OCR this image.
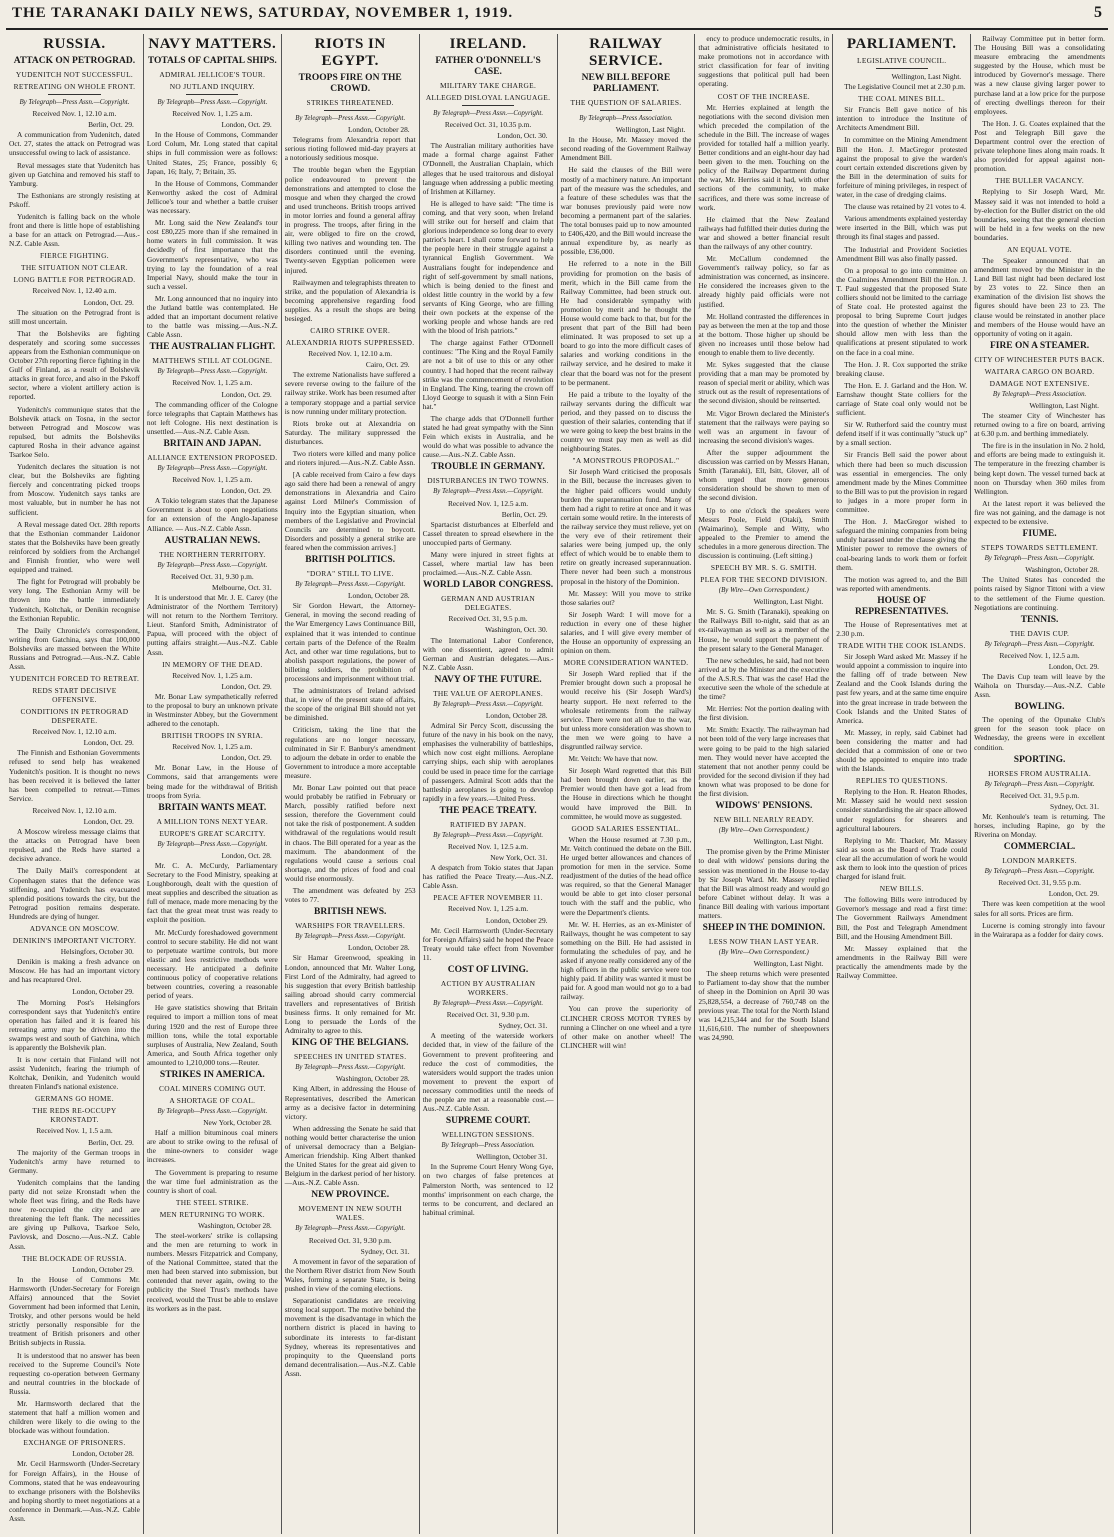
THE TARANAKI DAILY NEWS, SATURDAY, NOVEMBER 1, 1919.	5
RUSSIA.
ATTACK ON PETROGRAD.
YUDENITCH NOT SUCCESSFUL.
RETREATING ON WHOLE FRONT.
By Telegraph—Press Assn.—Copyright.
Received Nov. 1, 12.10 a.m.
Berlin, Oct. 29.
A communication from Yudenitch, dated Oct. 27, states the attack on Petrograd was unsuccessful owing to lack of assistance.
Reval messages state that Yudenitch has given up Gatchina and removed his staff to Yamburg.
The Esthonians are strongly resisting at Pskoff.
Yudenitch is falling back on the whole front and there is little hope of establishing a base for an attack on Petrograd.—Aus.-N.Z. Cable Assn.
FIERCE FIGHTING.
THE SITUATION NOT CLEAR.
LONG BATTLE FOR PETROGRAD.
Received Nov. 1, 12.40 a.m.
London, Oct. 29.
The situation on the Petrograd front is still most uncertain.
That the Bolsheviks are fighting desperately and scoring some successes appears from the Esthonian communique on October 27th reporting fierce fighting in the Gulf of Finland, as a result of Bolshevik attacks in great force, and also in the Pskoff sector, where a violent artillery action is reported.
Yudenitch's communique states that the Bolshevik attack on Tosna, in the sector between Petrograd and Moscow was repulsed, but admits the Bolsheviks captured Rosha in their advance against Tsarkoe Selo.
Yudenitch declares the situation is not clear, but the Bolsheviks are fighting fiercely and concentrating picked troops from Moscow. Yudenitch says tanks are most valuable, but in number he has not sufficient.
A Reval message dated Oct. 28th reports that the Esthonian commander Laidonor states that the Bolsheviks have been greatly reinforced by soldiers from the Archangel and Finnish frontier, who were well equipped and trained.
The fight for Petrograd will probably be very long. The Esthonian Army will be thrown into the battle immediately Yudenitch, Koltchak, or Denikin recognise the Esthonian Republic.
The Daily Chronicle's correspondent, writing from Gatchina, says that 100,000 Bolsheviks are massed between the White Russians and Petrograd.—Aus.-N.Z. Cable Assn.
YUDENITCH FORCED TO RETREAT.
REDS START DECISIVE OFFENSIVE.
CONDITIONS IN PETROGRAD DESPERATE.
Received Nov. 1, 12.10 a.m.
London, Oct. 29.
The Finnish and Esthonian Governments refused to send help has weakened Yudenitch's position. It is thought no news has been received it is believed the latter has been compelled to retreat.—Times Service.
Received Nov. 1, 12.10 a.m.
London, Oct. 29.
A Moscow wireless message claims that the attacks on Petrograd have been repulsed, and the Reds have started a decisive advance.
The Daily Mail's correspondent at Copenhagen states that the defence was stiffening, and Yudenitch has evacuated splendid positions towards the city, but the Petrograd position remains desperate. Hundreds are dying of hunger.
ADVANCE ON MOSCOW.
DENIKIN'S IMPORTANT VICTORY.
Helsingfors, October 30.
Denikin is making a fresh advance on Moscow. He has had an important victory and has recaptured Orel.
London, October 29.
The Morning Post's Helsingfors correspondent says that Yudenitch's entire operation has failed and it is feared his retreating army may be driven into the swamps west and south of Gatchina, which is apparently the Bolshevik plan.
It is now certain that Finland will not assist Yudenitch, fearing the triumph of Koltchak, Denikin, and Yudenitch would threaten Finland's national existence.
GERMANS GO HOME.
THE REDS RE-OCCUPY KRONSTADT.
Received Nov. 1, 1.5 a.m.
Berlin, Oct. 29.
The majority of the German troops in Yudenitch's army have returned to Germany.
Yudenitch complains that the landing party did not seize Kronstadt when the whole fleet was firing, and the Reds have now re-occupied the city and are threatening the left flank. The necessities are giving up Pulkova, Tsarkoe Selo, Pavlovsk, and Doscno.—Aus.-N.Z. Cable Assn.
THE BLOCKADE OF RUSSIA.
London, October 29.
In the House of Commons Mr. Harmsworth (Under-Secretary for Foreign Affairs) announced that the Soviet Government had been informed that Lenin, Trotsky, and other persons would be held strictly personally responsible for the treatment of British prisoners and other British subjects in Russia.
It is understood that no answer has been received to the Supreme Council's Note requesting co-operation between Germany and neutral countries in the blockade of Russia.
Mr. Harmsworth declared that the statement that half a million women and children were likely to die owing to the blockade was without foundation.
EXCHANGE OF PRISONERS.
London, October 28.
Mr. Cecil Harmsworth (Under-Secretary for Foreign Affairs), in the House of Commons, stated that he was endeavouring to exchange prisoners with the Bolsheviks and hoping shortly to meet negotiations at a conference in Denmark.—Aus.-N.Z. Cable Assn.
NAVY MATTERS.
TOTALS OF CAPITAL SHIPS.
ADMIRAL JELLICOE'S TOUR.
NO JUTLAND INQUIRY.
By Telegraph—Press Assn.—Copyright.
Received Nov. 1, 1.25 a.m.
London, Oct. 29.
In the House of Commons, Commander Lord Colum, Mr. Long stated that capital ships in full commission were as follows: United States, 25; France, possibly 6; Japan, 16; Italy, 7; Britain, 35.
In the House of Commons, Commander Kenworthy asked the cost of Admiral Jellicoe's tour and whether a battle cruiser was necessary.
Mr. Long said the New Zealand's tour cost £80,225 more than if she remained in home waters in full commission. It was decidedly of first importance that the Government's representative, who was trying to lay the foundation of a real Imperial Navy, should make the tour in such a vessel.
Mr. Long announced that no inquiry into the Jutland battle was contemplated. He added that an important document relative to the battle was missing.—Aus.-N.Z. Cable Assn.
THE AUSTRALIAN FLIGHT.
MATTHEWS STILL AT COLOGNE.
By Telegraph—Press Assn.—Copyright.
Received Nov. 1, 1.25 a.m.
London, Oct. 29.
The commanding officer of the Cologne force telegraphs that Captain Matthews has not left Cologne. His next destination is unsettled.—Aus.-N.Z. Cable Assn.
BRITAIN AND JAPAN.
ALLIANCE EXTENSION PROPOSED.
By Telegraph—Press Assn.—Copyright.
Received Nov. 1, 1.25 a.m.
London, Oct. 29.
A Tokio telegram states that the Japanese Government is about to open negotiations for an extension of the Anglo-Japanese Alliance. — Aus.-N.Z. Cable Assn.
AUSTRALIAN NEWS.
THE NORTHERN TERRITORY.
By Telegraph—Press Assn.—Copyright.
Received Oct. 31, 9.30 p.m.
Melbourne, Oct. 31.
It is understood that Mr. J. E. Carey (the Administrator of the Northern Territory) will not return to the Northern Territory. Lieut. Stanford Smith, Administrator of Papua, will proceed with the object of putting affairs straight.—Aus.-N.Z. Cable Assn.
IN MEMORY OF THE DEAD.
Received Nov. 1, 1.25 a.m.
London, Oct. 29.
Mr. Bonar Law sympathetically referred to the proposal to bury an unknown private in Westminster Abbey, but the Government adhered to the cenotaph.
BRITISH TROOPS IN SYRIA.
Received Nov. 1, 1.25 a.m.
London, Oct. 29.
Mr. Bonar Law, in the House of Commons, said that arrangements were being made for the withdrawal of British troops from Syria.
BRITAIN WANTS MEAT.
A MILLION TONS NEXT YEAR.
EUROPE'S GREAT SCARCITY.
By Telegraph—Press Assn.—Copyright.
London, Oct. 28.
Mr. C. A. McCurdy, Parliamentary Secretary to the Food Ministry, speaking at Loughborough, dealt with the question of meat supplies and described the situation as full of menace, made more menacing by the fact that the great meat trust was ready to exploit the position.
Mr. McCurdy foreshadowed government control to secure stability. He did not want to perpetuate wartime controls, but more elastic and less restrictive methods were necessary. He anticipated a definite continuous policy of cooperative relations between countries, covering a reasonable period of years.
He gave statistics showing that Britain required to import a million tons of meat during 1920 and the rest of Europe three million tons, while the total exportable surpluses of Australia, New Zealand, South America, and South Africa together only amounted to 1,210,000 tons.—Reuter.
STRIKES IN AMERICA.
COAL MINERS COMING OUT.
A SHORTAGE OF COAL.
By Telegraph—Press Assn.—Copyright.
New York, October 28.
Half a million bituminous coal miners are about to strike owing to the refusal of the mine-owners to consider wage increases.
The Government is preparing to resume the war time fuel administration as the country is short of coal.
THE STEEL STRIKE.
MEN RETURNING TO WORK.
Washington, October 28.
The steel-workers' strike is collapsing and the men are returning to work in numbers. Messrs Fitzpatrick and Company, of the National Committee, stated that the men had been starved into submission, but contended that never again, owing to the publicity the Steel Trust's methods have received, would the Trust be able to enslave its workers as in the past.
RIOTS IN EGYPT.
TROOPS FIRE ON THE CROWD.
STRIKES THREATENED.
By Telegraph—Press Assn.—Copyright.
London, October 28.
Telegrams from Alexandria report that serious rioting followed mid-day prayers at a notoriously seditious mosque.
The trouble began when the Egyptian police endeavoured to prevent the demonstrations and attempted to close the mosque and when they charged the crowd and used truncheons. British troops arrived in motor lorries and found a general affray in progress. The troops, after firing in the air, were obliged to fire on the crowd, killing two natives and wounding ten. The disorders continued until the evening. Twenty-seven Egyptian policemen were injured.
Railwaymen and telegraphists threaten to strike, and the population of Alexandria is becoming apprehensive regarding food supplies. As a result the shops are being besieged.
CAIRO STRIKE OVER.
ALEXANDRIA RIOTS SUPPRESSED.
Received Nov. 1, 12.10 a.m.
Cairo, Oct. 29.
The extreme Nationalists have suffered a severe reverse owing to the failure of the railway strike. Work has been resumed after a temporary stoppage and a partial service is now running under military protection.
Riots broke out at Alexandria on Saturday. The military suppressed the disturbances.
Two rioters were killed and many police and rioters injured.—Aus.-N.Z. Cable Assn.
[A cable received from Cairo a few days ago said there had been a renewal of angry demonstrations in Alexandria and Cairo against Lord Milner's Commission of Inquiry into the Egyptian situation, when members of the Legislative and Provincial Councils are determined to boycott. Disorders and possibly a general strike are feared when the commission arrives.]
BRITISH POLITICS.
"DORA" STILL TO LIVE.
By Telegraph—Press Assn.—Copyright.
London, October 28.
Sir Gordon Hewart, the Attorney-General, in moving the second reading of the War Emergency Laws Continuance Bill, explained that it was intended to continue certain parts of the Defence of the Realm Act, and other war time regulations, but to abolish passport regulations, the power of billeting soldiers, the prohibition of processions and imprisonment without trial.
The administrators of Ireland advised that, in view of the present state of affairs, the scope of the original Bill should not yet be diminished.
Criticism, taking the line that the regulations are no longer necessary, culminated in Sir F. Banbury's amendment to adjourn the debate in order to enable the Government to introduce a more acceptable measure.
Mr. Bonar Law pointed out that peace would probably be ratified in February or March, possibly ratified before next session, therefore the Government could not take the risk of postponement. A sudden withdrawal of the regulations would result in chaos. The Bill operated for a year as the maximum. The abandonment of the regulations would cause a serious coal shortage, and the prices of food and coal would rise enormously.
The amendment was defeated by 253 votes to 77.
BRITISH NEWS.
WARSHIPS FOR TRAVELLERS.
By Telegraph—Press Assn.—Copyright.
London, October 28.
Sir Hamar Greenwood, speaking in London, announced that Mr. Walter Long, First Lord of the Admiralty, had agreed to his suggestion that every British battleship sailing abroad should carry commercial travellers and representatives of British business firms. It only remained for Mr. Long to persuade the Lords of the Admiralty to agree to this.
KING OF THE BELGIANS.
SPEECHES IN UNITED STATES.
By Telegraph—Press Assn.—Copyright.
Washington, October 28.
King Albert, in addressing the House of Representatives, described the American army as a decisive factor in determining victory.
When addressing the Senate he said that nothing would better characterise the union of universal democracy than a Belgian-American friendship. King Albert thanked the United States for the great aid given to Belgium in the darkest period of her history.—Aus.-N.Z. Cable Assn.
NEW PROVINCE.
MOVEMENT IN NEW SOUTH WALES.
By Telegraph—Press Assn.—Copyright.
Received Oct. 31, 9.30 p.m.
Sydney, Oct. 31.
A movement in favor of the separation of the Northern River district from New South Wales, forming a separate State, is being pushed in view of the coming elections.
Separationist candidates are receiving strong local support. The motive behind the movement is the disadvantage in which the northern district is placed in having to subordinate its interests to far-distant Sydney, whereas its representatives and propinquity to the Queensland ports demand decentralisation.—Aus.-N.Z. Cable Assn.
IRELAND.
FATHER O'DONNELL'S CASE.
MILITARY TAKE CHARGE.
ALLEGED DISLOYAL LANGUAGE.
By Telegraph—Press Assn.—Copyright.
Received Oct. 31, 10.35 p.m.
London, Oct. 30.
The Australian military authorities have made a formal charge against Father O'Donnell, the Australian Chaplain, which alleges that he used traitorous and disloyal language when addressing a public meeting of Irishmen at Killarney.
He is alleged to have said: "The time is coming, and that very soon, when Ireland will strike out for herself and claim that glorious independence so long dear to every patriot's heart. I shall come forward to help the people here in their struggle against a tyrannical English Government. We Australians fought for independence and right of self-government by small nations, which is being denied to the finest and oldest little country in the world by a few servants of King George, who are filling their own pockets at the expense of the working people and whose hands are red with the blood of Irish patriots."
The charge against Father O'Donnell continues: "The King and the Royal Family are not a bit of use to this or any other country. I had hoped that the recent railway strike was the commencement of revolution in England. The King, tearing the crown off Lloyd George to squash it with a Sinn Fein hat."
The charge adds that O'Donnell further stated he had great sympathy with the Sinn Fein which exists in Australia, and he would do what was possible to advance the cause.—Aus.-N.Z. Cable Assn.
TROUBLE IN GERMANY.
DISTURBANCES IN TWO TOWNS.
By Telegraph—Press Assn.—Copyright.
Received Nov. 1, 12.5 a.m.
Berlin, Oct. 29.
Spartacist disturbances at Elberfeld and Cassel threaten to spread elsewhere in the unoccupied parts of Germany.
Many were injured in street fights at Cassel, where martial law has been proclaimed.—Aus.-N.Z. Cable Assn.
WORLD LABOR CONGRESS.
GERMAN AND AUSTRIAN DELEGATES.
Received Oct. 31, 9.5 p.m.
Washington, Oct. 30.
The International Labor Conference, with one dissentient, agreed to admit German and Austrian delegates.—Aus.-N.Z. Cable Assn.
NAVY OF THE FUTURE.
THE VALUE OF AEROPLANES.
By Telegraph—Press Assn.—Copyright.
London, October 28.
Admiral Sir Percy Scott, discussing the future of the navy in his book on the navy, emphasises the vulnerability of battleships, which now cost eight millions. Aeroplane carrying ships, each ship with aeroplanes could be used in peace time for the carriage of passengers. Admiral Scott adds that the battleship aeroplanes is going to develop rapidly in a few years.—United Press.
THE PEACE TREATY.
RATIFIED BY JAPAN.
By Telegraph—Press Assn.—Copyright.
Received Nov. 1, 12.5 a.m.
New York, Oct. 31.
A despatch from Tokio states that Japan has ratified the Peace Treaty.—Aus.-N.Z. Cable Assn.
PEACE AFTER NOVEMBER 11.
Received Nov. 1, 1.25 a.m.
London, October 29.
Mr. Cecil Harmsworth (Under-Secretary for Foreign Affairs) said he hoped the Peace Treaty would take effect from November 11.
COST OF LIVING.
ACTION BY AUSTRALIAN WORKERS.
By Telegraph—Press Assn.—Copyright.
Received Oct. 31, 9.30 p.m.
Sydney, Oct. 31.
A meeting of the waterside workers decided that, in view of the failure of the Government to prevent profiteering and reduce the cost of commodities, the watersiders would support the trades union movement to prevent the export of necessary commodities until the needs of the people are met at a reasonable cost.—Aus.-N.Z. Cable Assn.
SUPREME COURT.
WELLINGTON SESSIONS.
By Telegraph—Press Association.
Wellington, October 31.
In the Supreme Court Henry Wong Gye, on two charges of false pretences at Palmerston North, was sentenced to 12 months' imprisonment on each charge, the terms to be concurrent, and declared an habitual criminal.
RAILWAY SERVICE.
NEW BILL BEFORE PARLIAMENT.
THE QUESTION OF SALARIES.
By Telegraph—Press Association.
Wellington, Last Night.
In the House, Mr. Massey moved the second reading of the Government Railway Amendment Bill.
He said the clauses of the Bill were mostly of a machinery nature. An important part of the measure was the schedules, and a feature of these schedules was that the war bonuses previously paid were now becoming a permanent part of the salaries. The total bonuses paid up to now amounted to £406,420, and the Bill would increase the annual expenditure by, as nearly as possible, £36,000.
He referred to a note in the Bill providing for promotion on the basis of merit, which in the Bill came from the Railway Committee, had been struck out. He had considerable sympathy with promotion by merit and he thought the House would come back to that, but for the present that part of the Bill had been eliminated. It was proposed to set up a board to go into the more difficult cases of salaries and working conditions in the railway service, and he desired to make it clear that the board was not for the present to be permanent.
He paid a tribute to the loyalty of the railway servants during the difficult war period, and they passed on to discuss the question of their salaries, contending that if we were going to keep the best brains in the country we must pay men as well as did neighbouring States.
"A MONSTROUS PROPOSAL."
Sir Joseph Ward criticised the proposals in the Bill, because the increases given to the higher paid officers would unduly burden the superannuation fund. Many of them had a right to retire at once and it was certain some would retire. In the interests of the railway service they must relieve, yet on the very eve of their retirement their salaries were being jumped up, the only effect of which would be to enable them to retire on greatly increased superannuation. There never had been such a monstrous proposal in the history of the Dominion.
Mr. Massey: Will you move to strike those salaries out?
Sir Joseph Ward: I will move for a reduction in every one of these higher salaries, and I will give every member of the House an opportunity of expressing an opinion on them.
MORE CONSIDERATION WANTED.
Sir Joseph Ward replied that if the Premier brought down such a proposal he would receive his (Sir Joseph Ward's) hearty support. He next referred to the wholesale retirements from the railway service. There were not all due to the war, but unless more consideration was shown to the men we were going to have a disgruntled railway service.
Mr. Veitch: We have that now.
Sir Joseph Ward regretted that this Bill had been brought down earlier, as the Premier would then have got a lead from the House in directions which he thought would have improved the Bill. In committee, he would move as suggested.
GOOD SALARIES ESSENTIAL.
When the House resumed at 7.30 p.m., Mr. Veitch continued the debate on the Bill. He urged better allowances and chances of promotion for men in the service. Some readjustment of the duties of the head office was required, so that the General Manager would be able to get into closer personal touch with the staff and the public, who were the Department's clients.
Mr. W. H. Herries, as an ex-Minister of Railways, thought he was competent to say something on the Bill. He had assisted in formulating the schedules of pay, and he asked if anyone really considered any of the high officers in the public service were too highly paid. If ability was wanted it must be paid for. A good man would not go to a bad railway.
You can prove the superiority of CLINCHER CROSS MOTOR TYRES by running a Clincher on one wheel and a tyre of other make on another wheel! The CLINCHER will win!
ency to produce undemocratic results, in that administrative officials hesitated to make promotions not in accordance with strict classification for fear of inviting suggestions that political pull had been operating.
COST OF THE INCREASE.
Mr. Herries explained at length the negotiations with the second division men which preceded the compilation of the schedule in the Bill. The increase of wages provided for totalled half a million yearly. Better conditions and an eight-hour day had been given to the men. Touching on the policy of the Railway Department during the war, Mr. Herries said it had, with other sections of the community, to make sacrifices, and there was some increase of work.
He claimed that the New Zealand railways had fulfilled their duties during the war and showed a better financial result than the railways of any other country.
Mr. McCallum condemned the Government's railway policy, so far as administration was concerned, as insincere. He considered the increases given to the already highly paid officials were not justified.
Mr. Holland contrasted the differences in pay as between the men at the top and those at the bottom. Those higher up should be given no increases until those below had enough to enable them to live decently.
Mr. Sykes suggested that the clause providing that a man may be promoted by reason of special merit or ability, which was struck out as the result of representations of the second division, should be reinserted.
Mr. Vigor Brown declared the Minister's statement that the railways were paying so well was an argument in favour of increasing the second division's wages.
After the supper adjournment the discussion was carried on by Messrs Hanan, Smith (Taranaki), Ell, Isitt, Glover, all of whom urged that more generous consideration should be shown to men of the second division.
Up to one o'clock the speakers were Messrs Poole, Field (Otaki), Smith (Waimarino), Semple and Witty, who appealed to the Premier to amend the schedules in a more generous direction. The discussion is continuing. (Left sitting.)
SPEECH BY MR. S. G. SMITH.
PLEA FOR THE SECOND DIVISION.
(By Wire—Own Correspondent.)
Wellington, Last Night.
Mr. S. G. Smith (Taranaki), speaking on the Railways Bill to-night, said that as an ex-railwayman as well as a member of the House, he would support the payment of the present salary to the General Manager.
The new schedules, he said, had not been arrived at by the Minister and the executive of the A.S.R.S. That was the case! Had the executive seen the whole of the schedule at the time?
Mr. Herries: Not the portion dealing with the first division.
Mr. Smith: Exactly. The railwayman had not been told of the very large increases that were going to be paid to the high salaried men. They would never have accepted the statement that not another penny could be provided for the second division if they had known what was proposed to be done for the first division.
WIDOWS' PENSIONS.
NEW BILL NEARLY READY.
(By Wire—Own Correspondent.)
Wellington, Last Night.
The promise given by the Prime Minister to deal with widows' pensions during the session was mentioned in the House to-day by Sir Joseph Ward. Mr. Massey replied that the Bill was almost ready and would go before Cabinet without delay. It was a finance Bill dealing with various important matters.
SHEEP IN THE DOMINION.
LESS NOW THAN LAST YEAR.
(By Wire—Own Correspondent.)
Wellington, Last Night.
The sheep returns which were presented to Parliament to-day show that the number of sheep in the Dominion on April 30 was 25,828,554, a decrease of 760,748 on the previous year. The total for the North Island was 14,215,344 and for the South Island 11,616,610. The number of sheepowners was 24,990.
PARLIAMENT.
LEGISLATIVE COUNCIL.
Wellington, Last Night.
The Legislative Council met at 2.30 p.m.
THE COAL MINES BILL.
Sir Francis Bell gave notice of his intention to introduce the Institute of Architects Amendment Bill.
In committee on the Mining Amendment Bill the Hon. J. MacGregor protested against the proposal to give the warden's court certain extended discretions given by the Bill in the determination of suits for forfeiture of mining privileges, in respect of water, in the case of dredging claims.
The clause was retained by 21 votes to 4.
Various amendments explained yesterday were inserted in the Bill, which was put through its final stages and passed.
The Industrial and Provident Societies Amendment Bill was also finally passed.
On a proposal to go into committee on the Coalmines Amendment Bill the Hon. J. T. Paul suggested that the proposed State colliers should not be limited to the carriage of State coal. He protested against the proposal to bring Supreme Court judges into the question of whether the Minister should allow men with less than the qualifications at present stipulated to work on the face in a coal mine.
The Hon. J. R. Cox supported the strike breaking clause.
The Hon. E. J. Garland and the Hon. W. Earnshaw thought State colliers for the carriage of State coal only would not be sufficient.
Sir W. Rutherford said the country must defend itself if it was continually "stuck up" by a small section.
Sir Francis Bell said the power about which there had been so much discussion was essential in emergencies. The only amendment made by the Mines Committee to the Bill was to put the provision in regard to judges in a more proper form in committee.
The Hon. J. MacGregor wished to safeguard the mining companies from being unduly harassed under the clause giving the Minister power to remove the owners of coal-bearing lands to work them or forfeit them.
The motion was agreed to, and the Bill was reported with amendments.
HOUSE OF REPRESENTATIVES.
The House of Representatives met at 2.30 p.m.
TRADE WITH THE COOK ISLANDS.
Sir Joseph Ward asked Mr. Massey if he would appoint a commission to inquire into the falling off of trade between New Zealand and the Cook Islands during the past few years, and at the same time enquire into the great increase in trade between the Cook Islands and the United States of America.
Mr. Massey, in reply, said Cabinet had been considering the matter and had decided that a commission of one or two should be appointed to enquire into trade with the Islands.
REPLIES TO QUESTIONS.
Replying to the Hon. R. Heaton Rhodes, Mr. Massey said he would next session consider standardising the air space allowed under regulations for shearers and agricultural labourers.
Replying to Mr. Thacker, Mr. Massey said as soon as the Board of Trade could clear all the accumulation of work he would ask them to look into the question of prices charged for island fruit.
NEW BILLS.
The following Bills were introduced by Governor's message and read a first time: The Government Railways Amendment Bill, the Post and Telegraph Amendment Bill, and the Housing Amendment Bill.
Mr. Massey explained that the amendments in the Railway Bill were practically the amendments made by the Railway Committee.
Railway Committee put in better form. The Housing Bill was a consolidating measure embracing the amendments suggested by the House, which must be introduced by Governor's message. There was a new clause giving larger power to purchase land at a low price for the purpose of erecting dwellings thereon for their employees.
The Hon. J. G. Coates explained that the Post and Telegraph Bill gave the Department control over the erection of private telephone lines along main roads. It also provided for appeal against non-promotion.
THE BULLER VACANCY.
Replying to Sir Joseph Ward, Mr. Massey said it was not intended to hold a by-election for the Buller district on the old boundaries, seeing that the general election will be held in a few weeks on the new boundaries.
AN EQUAL VOTE.
The Speaker announced that an amendment moved by the Minister in the Land Bill last night had been declared lost by 23 votes to 22. Since then an examination of the division list shows the figures should have been 23 to 23. The clause would be reinstated in another place and members of the House would have an opportunity of voting on it again.
FIRE ON A STEAMER.
CITY OF WINCHESTER PUTS BACK.
WAITARA CARGO ON BOARD.
DAMAGE NOT EXTENSIVE.
By Telegraph—Press Association.
Wellington, Last Night.
The steamer City of Winchester has returned owing to a fire on board, arriving at 6.30 p.m. and berthing immediately.
The fire is in the insulation in No. 2 hold, and efforts are being made to extinguish it. The temperature in the freezing chamber is being kept down. The vessel turned back at noon on Thursday when 360 miles from Wellington.
At the latest report it was believed the fire was not gaining, and the damage is not expected to be extensive.
FIUME.
STEPS TOWARDS SETTLEMENT.
By Telegraph—Press Assn.—Copyright.
Washington, October 28.
The United States has conceded the points raised by Signor Tittoni with a view to the settlement of the Fiume question. Negotiations are continuing.
TENNIS.
THE DAVIS CUP.
By Telegraph—Press Assn.—Copyright.
Received Nov. 1, 12.5 a.m.
London, Oct. 29.
The Davis Cup team will leave by the Waihola on Thursday.—Aus.-N.Z. Cable Assn.
BOWLING.
The opening of the Opunake Club's green for the season took place on Wednesday, the greens were in excellent condition.
SPORTING.
HORSES FROM AUSTRALIA.
By Telegraph—Press Assn.—Copyright.
Received Oct. 31, 9.5 p.m.
Sydney, Oct. 31.
Mr. Kenhoule's team is returning. The horses, including Rapine, go by the Riverina on Monday.
COMMERCIAL.
LONDON MARKETS.
By Telegraph—Press Assn.—Copyright.
Received Oct. 31, 9.55 p.m.
London, Oct. 29.
There was keen competition at the wool sales for all sorts. Prices are firm.
Lucerne is coming strongly into favour in the Wairarapa as a fodder for dairy cows.
